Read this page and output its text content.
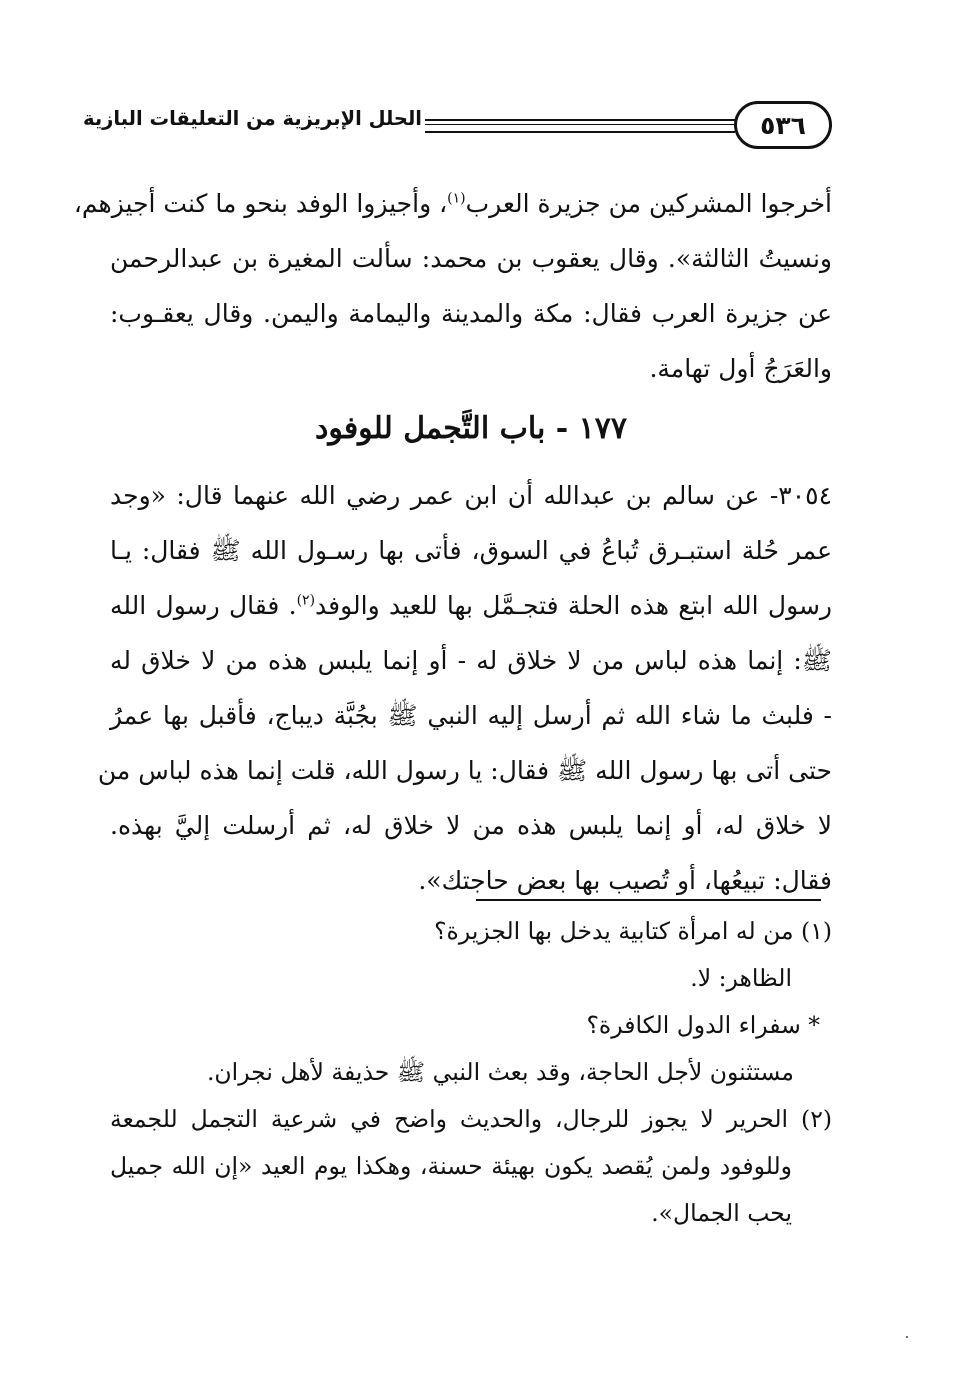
٥٣٦
الحلل الإبريزية من التعليقات البازية
أخرجوا المشركين من جزيرة العرب$^{(١)}$، وأجيزوا الوفد بنحو ما كنت أجيزهم،
ونسيتُ الثالثة». وقال يعقوب بن محمد: سألت المغيرة بن عبدالرحمن
عن جزيرة العرب فقال: مكة والمدينة واليمامة واليمن. وقال يعقـوب:
والعَرَجُ أول تهامة.
١٧٧ - باب التَّجمل للوفود
٣٠٥٤- عن سالم بن عبدالله أن ابن عمر رضي الله عنهما قال: «وجد
عمر حُلة استبـرق تُباعُ في السوق، فأتى بها رسـول الله ﷺ فقال: يـا
رسول الله ابتع هذه الحلة فتجـمَّل بها للعيد والوفد$^{(٢)}$. فقال رسول الله
ﷺ: إنما هذه لباس من لا خلاق له - أو إنما يلبس هذه من لا خلاق له
- فلبث ما شاء الله ثم أرسل إليه النبي ﷺ بجُبَّة ديباج، فأقبل بها عمرُ
حتى أتى بها رسول الله ﷺ فقال: يا رسول الله، قلت إنما هذه لباس من
لا خلاق له، أو إنما يلبس هذه من لا خلاق له، ثم أرسلت إليَّ بهذه.
فقال: تبيعُها، أو تُصيب بها بعض حاجتك».
(١) من له امرأة كتابية يدخل بها الجزيرة؟
الظاهر: لا.
* سفراء الدول الكافرة؟
مستثنون لأجل الحاجة، وقد بعث النبي ﷺ حذيفة لأهل نجران.
(٢) الحرير لا يجوز للرجال، والحديث واضح في شرعية التجمل للجمعة
وللوفود ولمن يُقصد يكون بهيئة حسنة، وهكذا يوم العيد «إن الله جميل
يحب الجمال».
